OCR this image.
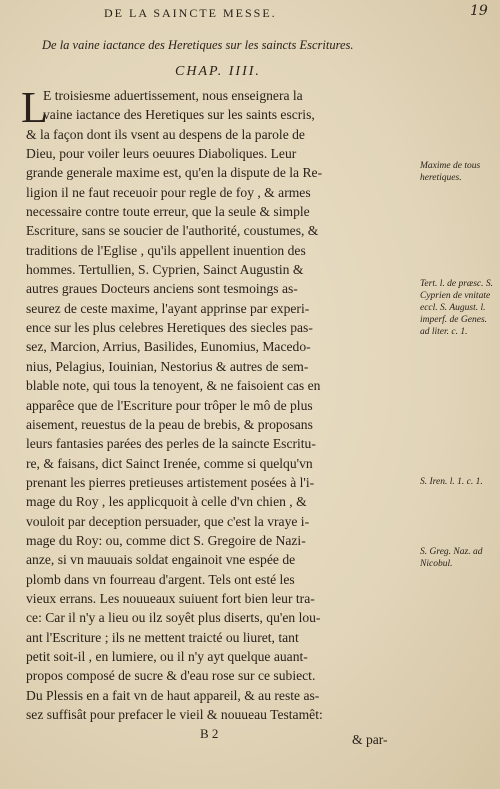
DE LA SAINCTE MESSE.	19
De la vaine iactance des Heretiques sur les saincts Escritures.
CHAP. IIII.
L
E troisiesme aduertissement, nous enseignera la
vaine iactance des Heretiques sur les saints escris,
& la façon dont ils vsent au despens de la parole de
Dieu, pour voiler leurs oeuures Diaboliques. Leur
grande generale maxime est, qu'en la dispute de la Re-
ligion il ne faut receuoir pour regle de foy , & armes
necessaire contre toute erreur, que la seule & simple
Escriture, sans se soucier de l'authorité, coustumes, &
traditions de l'Eglise , qu'ils appellent inuention des
hommes. Tertullien, S. Cyprien, Sainct Augustin &
autres graues Docteurs anciens sont tesmoings as-
seurez de ceste maxime, l'ayant apprinse par experi-
ence sur les plus celebres Heretiques des siecles pas-
sez, Marcion, Arrius, Basilides, Eunomius, Macedo-
nius, Pelagius, Iouinian, Nestorius & autres de sem-
blable note, qui tous la tenoyent, & ne faisoient cas en
apparêce que de l'Escriture pour trôper le mô de plus
aisement, reuestus de la peau de brebis, & proposans
leurs fantasies parées des perles de la saincte Escritu-
re, & faisans, dict Sainct Irenée, comme si quelqu'vn
prenant les pierres pretieuses artistement posées à l'i-
mage du Roy , les applicquoit à celle d'vn chien , &
vouloit par deception persuader, que c'est la vraye i-
mage du Roy: ou, comme dict S. Gregoire de Nazi-
anze, si vn mauuais soldat engainoit vne espée de
plomb dans vn fourreau d'argent. Tels ont esté les
vieux errans. Les nouueaux suiuent fort bien leur tra-
ce: Car il n'y a lieu ou ilz soyêt plus diserts, qu'en lou-
ant l'Escriture ; ils ne mettent traicté ou liuret, tant
petit soit-il , en lumiere, ou il n'y ayt quelque auant-
propos composé de sucre & d'eau rose sur ce subiect.
Du Plessis en a fait vn de haut appareil, & au reste as-
sez suffisât pour prefacer le vieil & nouueau Testamêt:
Maxime de tous heretiques.
Tert. l. de præsc. S. Cyprien de vnitate eccl. S. August. l. imperf. de Genes. ad liter. c. 1.
S. Iren. l. 1. c. 1.
S. Greg. Naz. ad Nicobul.
B 2	& par-
